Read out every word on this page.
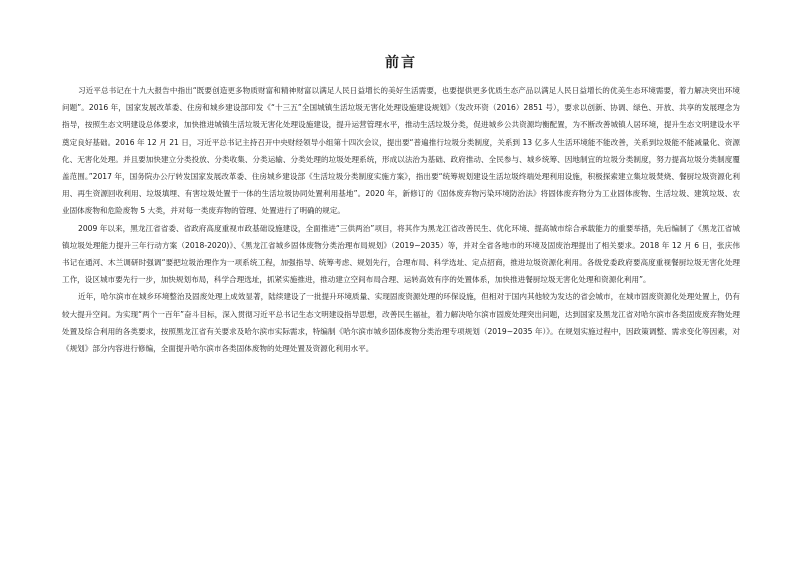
前言

习近平总书记在十九大报告中指出“既要创造更多物质财富和精神财富以满足人民日益增长的美好生活需要，也要提供更多优质生态产品以满足人民日益增长的优美生态环境需要，着力解决突出环境问题”。2016 年，国家发展改革委、住房和城乡建设部印发《“十三五”全国城镇生活垃圾无害化处理设施建设规划》（发改环资（2016）2851 号），要求以创新、协调、绿色、开放、共享的发展理念为指导，按照生态文明建设总体要求，加快推进城镇生活垃圾无害化处理设施建设，提升运营管理水平，推动生活垃圾分类，促进城乡公共资源均衡配置，为不断改善城镇人居环境，提升生态文明建设水平奠定良好基础。2016 年 12 月 21 日，习近平总书记主持召开中央财经领导小组第十四次会议，提出要“普遍推行垃圾分类制度，关系到 13 亿多人生活环境能不能改善，关系到垃圾能不能减量化、资源化、无害化处理。并且要加快建立分类投放、分类收集、分类运输、分类处理的垃圾处理系统，形成以法治为基础、政府推动、全民参与、城乡统筹、因地制宜的垃圾分类制度，努力提高垃圾分类制度覆盖范围。”2017 年，国务院办公厅转发国家发展改革委、住房城乡建设部《生活垃圾分类制度实施方案》，指出要“统筹规划建设生活垃圾终端处理利用设施，积极探索建立集垃圾焚烧、餐厨垃圾资源化利用、再生资源回收利用、垃圾填埋、有害垃圾处置于一体的生活垃圾协同处置利用基地”。2020 年，新修订的《固体废弃物污染环境防治法》将固体废弃物分为工业固体废物、生活垃圾、建筑垃圾、农业固体废物和危险废物 5 大类，并对每一类废弃物的管理、处置进行了明确的规定。

2009 年以来，黑龙江省省委、省政府高度重视市政基础设施建设，全面推进“三供两治”项目，将其作为黑龙江省改善民生、优化环境、提高城市综合承载能力的重要举措，先后编制了《黑龙江省城镇垃圾处理能力提升三年行动方案（2018-2020)》、《黑龙江省城乡固体废物分类治理布局规划》（2019~2035）等，并对全省各地市的环境及固废治理提出了相关要求。2018 年 12 月 6 日，张庆伟书记在通河、木兰调研时强调“要把垃圾治理作为一项系统工程，加强指导、统筹考虑、规划先行，合理布局、科学选址、定点招商，推进垃圾资源化利用。各级党委政府要高度重视餐厨垃圾无害化处理工作，设区城市要先行一步，加快规划布局，科学合理选址，抓紧实施推进，推动建立空间布局合理、运转高效有序的处置体系，加快推进餐厨垃圾无害化处理和资源化利用”。

近年，哈尔滨市在城乡环境整治及固废处理上成效显著，陆续建设了一批提升环境质量、实现固废资源处理的环保设施，但相对于国内其他较为发达的省会城市，在城市固废资源化处理处置上，仍有较大提升空间。为实现“两个一百年”奋斗目标，深入贯彻习近平总书记生态文明建设指导思想，改善民生福祉，着力解决哈尔滨市固废处理突出问题，达到国家及黑龙江省对哈尔滨市各类固废废弃物处理处置及综合利用的各类要求，按照黑龙江省有关要求及哈尔滨市实际需求，特编制《哈尔滨市城乡固体废物分类治理专项规划（2019~2035 年）》。在规划实施过程中，因政策调整、需求变化等因素，对《规划》部分内容进行修编，全面提升哈尔滨市各类固体废物的处理处置及资源化利用水平。
